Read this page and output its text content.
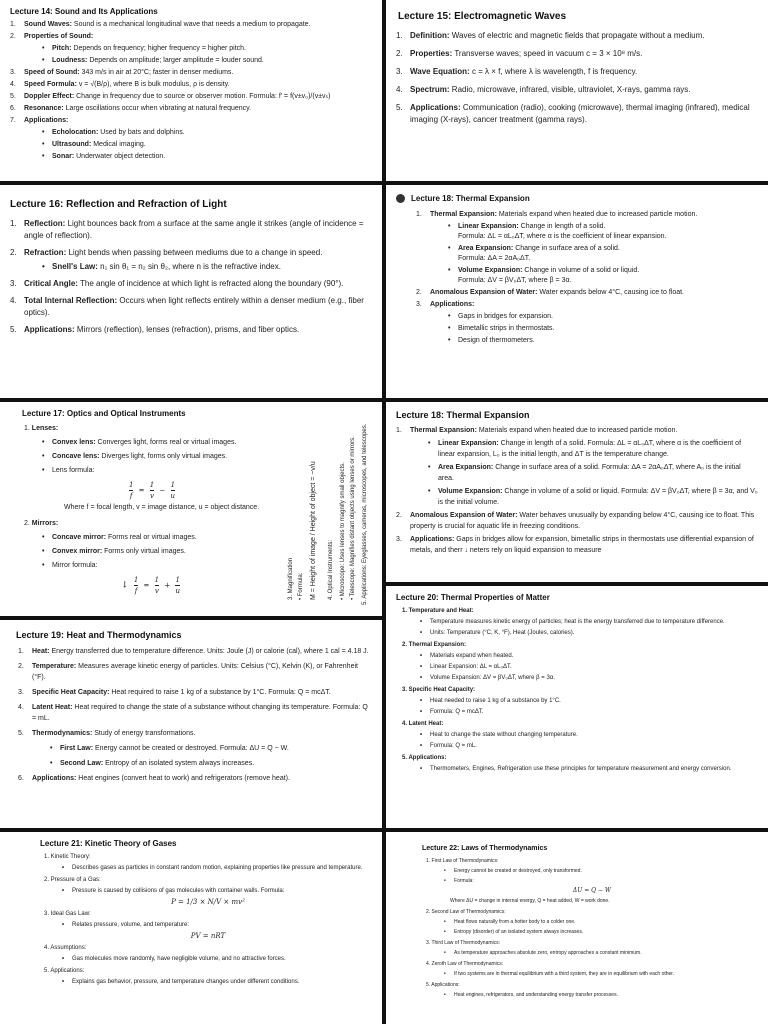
Lecture 14: Sound and Its Applications
1. Sound Waves: Sound is a mechanical longitudinal wave that needs a medium to propagate.
2. Properties of Sound:
• Pitch: Depends on frequency; higher frequency = higher pitch.
• Loudness: Depends on amplitude; larger amplitude = louder sound.
3. Speed of Sound: 343 m/s in air at 20°C; faster in denser mediums.
4. Speed Formula: v = √(B/ρ), where B is bulk modulus, ρ is density.
5. Doppler Effect: Change in frequency due to source or observer motion. Formula: f′ = f(v±v₀)/(v±vₛ)
6. Resonance: Large oscillations occur when vibrating at natural frequency.
7. Applications:
• Echolocation: Used by bats and dolphins.
• Ultrasound: Medical imaging.
• Sonar: Underwater object detection.
Lecture 15: Electromagnetic Waves
1. Definition: Waves of electric and magnetic fields that propagate without a medium.
2. Properties: Transverse waves; speed in vacuum c = 3 × 10⁸ m/s.
3. Wave Equation: c = λ × f, where λ is wavelength, f is frequency.
4. Spectrum: Radio, microwave, infrared, visible, ultraviolet, X-rays, gamma rays.
5. Applications: Communication (radio), cooking (microwave), thermal imaging (infrared), medical imaging (X-rays), cancer treatment (gamma rays).
Lecture 16: Reflection and Refraction of Light
1. Reflection: Light bounces back from a surface at the same angle it strikes (angle of incidence = angle of reflection).
2. Refraction: Light bends when passing between mediums due to a change in speed.
• Snell's Law: n₁ sin θ₁ = n₂ sin θ₂, where n is the refractive index.
3. Critical Angle: The angle of incidence at which light is refracted along the boundary (90°).
4. Total Internal Reflection: Occurs when light reflects entirely within a denser medium (e.g., fiber optics).
5. Applications: Mirrors (reflection), lenses (refraction), prisms, and fiber optics.
Lecture 18: Thermal Expansion
1. Thermal Expansion: Materials expand when heated due to increased particle motion.
• Linear Expansion: Change in length of a solid.
Formula: ΔL = αL₀ΔT, where α is the coefficient of linear expansion.
• Area Expansion: Change in surface area of a solid.
Formula: ΔA = 2αA₀ΔT.
• Volume Expansion: Change in volume of a solid or liquid.
Formula: ΔV = βV₀ΔT, where β = 3α.
2. Anomalous Expansion of Water: Water expands below 4°C, causing ice to float.
3. Applications:
• Gaps in bridges for expansion.
• Bimetallic strips in thermostats.
• Design of thermometers.
Lecture 17: Optics and Optical Instruments
1. Lenses:
• Convex lens: Converges light, forms real or virtual images.
• Concave lens: Diverges light, forms only virtual images.
• Lens formula:
$\frac{1}{f} = \frac{1}{v} - \frac{1}{u}$
Where f = focal length, v = image distance, u = object distance.
2. Mirrors:
• Concave mirror: Forms real or virtual images.
• Convex mirror: Forms only virtual images.
• Mirror formula:
↓ $\frac{1}{f} = \frac{1}{v} + \frac{1}{u}$	3. Magnification • Formula: M = Height of image / Height of object = −v/u 4. Optical Instruments: • Microscope: Uses lenses to magnify small objects. • Telescope: Magnifies distant objects using lenses or mirrors. 5. Applications: Eyeglasses, cameras, microscopes, and telescopes.
Lecture 18: Thermal Expansion
1. Thermal Expansion: Materials expand when heated due to increased particle motion.
• Linear Expansion: Change in length of a solid. Formula: ΔL = αL₀ΔT, where α is the coefficient of linear expansion, L₀ is the initial length, and ΔT is the temperature change.
• Area Expansion: Change in surface area of a solid. Formula: ΔA = 2αA₀ΔT, where A₀ is the initial area.
• Volume Expansion: Change in volume of a solid or liquid. Formula: ΔV = βV₀ΔT, where β = 3α, and V₀ is the initial volume.
2. Anomalous Expansion of Water: Water behaves unusually by expanding below 4°C, causing ice to float. This property is crucial for aquatic life in freezing conditions.
3. Applications: Gaps in bridges allow for expansion, bimetallic strips in thermostats use differential expansion of metals, and therr ↓ neters rely on liquid expansion to measure
Lecture 20: Thermal Properties of Matter
1. Temperature and Heat:
• Temperature measures kinetic energy of particles; heat is the energy transferred due to temperature difference.
• Units: Temperature (°C, K, °F), Heat (Joules, calories).
2. Thermal Expansion:
• Materials expand when heated.
• Linear Expansion: ΔL = αL₀ΔT.
• Volume Expansion: ΔV = βV₀ΔT, where β = 3α.
3. Specific Heat Capacity:
• Heat needed to raise 1 kg of a substance by 1°C.
• Formula: Q = mcΔT.
4. Latent Heat:
• Heat to change the state without changing temperature.
• Formula: Q = mL.
5. Applications:
• Thermometers, Engines, Refrigeration use these principles for temperature measurement and energy conversion.
Lecture 19: Heat and Thermodynamics
1. Heat: Energy transferred due to temperature difference. Units: Joule (J) or calorie (cal), where 1 cal = 4.18 J.
2. Temperature: Measures average kinetic energy of particles. Units: Celsius (°C), Kelvin (K), or Fahrenheit (°F).
3. Specific Heat Capacity: Heat required to raise 1 kg of a substance by 1°C. Formula: Q = mcΔT.
4. Latent Heat: Heat required to change the state of a substance without changing its temperature. Formula: Q = mL.
5. Thermodynamics: Study of energy transformations.
• First Law: Energy cannot be created or destroyed. Formula: ΔU = Q − W.
• Second Law: Entropy of an isolated system always increases.
6. Applications: Heat engines (convert heat to work) and refrigerators (remove heat).
Lecture 21: Kinetic Theory of Gases
1. Kinetic Theory:
• Describes gases as particles in constant random motion, explaining properties like pressure and temperature.
2. Pressure of a Gas:
• Pressure is caused by collisions of gas molecules with container walls. Formula:
P = 1/3 × N/V × mv²
3. Ideal Gas Law:
• Relates pressure, volume, and temperature:
PV = nRT
4. Assumptions:
• Gas molecules move randomly, have negligible volume, and no attractive forces.
5. Applications:
• Explains gas behavior, pressure, and temperature changes under different conditions.
Lecture 22: Laws of Thermodynamics
1. First Law of Thermodynamics:
• Energy cannot be created or destroyed, only transformed.
• Formula:
ΔU = Q − W
Where ΔU = change in internal energy, Q = heat added, W = work done.
2. Second Law of Thermodynamics:
• Heat flows naturally from a hotter body to a colder one.
• Entropy (disorder) of an isolated system always increases.
3. Third Law of Thermodynamics:
• As temperature approaches absolute zero, entropy approaches a constant minimum.
4. Zeroth Law of Thermodynamics:
• If two systems are in thermal equilibrium with a third system, they are in equilibrium with each other.
5. Applications:
• Heat engines, refrigerators, and understanding energy transfer processes.
